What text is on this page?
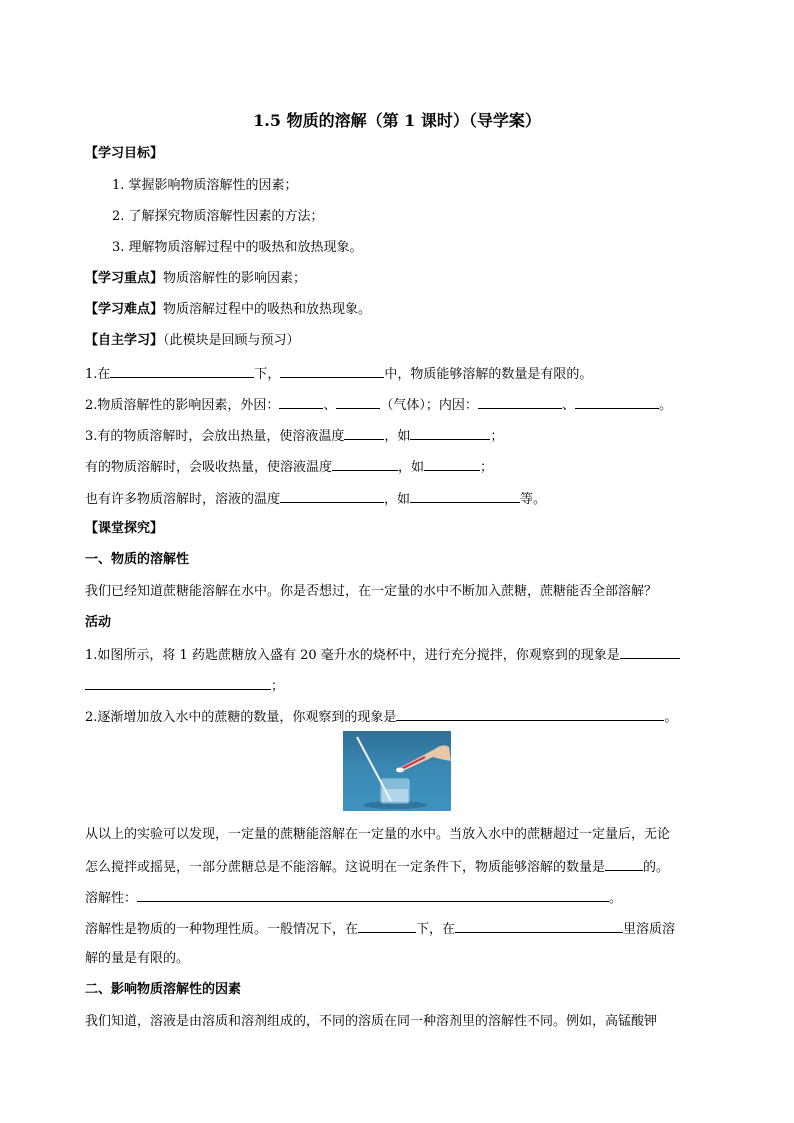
1.5 物质的溶解（第 1 课时）（导学案）
【学习目标】
1. 掌握影响物质溶解性的因素；
2. 了解探究物质溶解性因素的方法；
3. 理解物质溶解过程中的吸热和放热现象。
【学习重点】物质溶解性的影响因素；
【学习难点】物质溶解过程中的吸热和放热现象。
【自主学习】（此模块是回顾与预习）
1.在	下，	中，物质能够溶解的数量是有限的。
2.物质溶解性的影响因素，外因：	、	（气体）；内因：	、	。
3.有的物质溶解时，会放出热量，使溶液温度	，如	；
有的物质溶解时，会吸收热量，使溶液温度	，如	；
也有许多物质溶解时，溶液的温度	，如	等。
【课堂探究】
一、物质的溶解性
我们已经知道蔗糖能溶解在水中。你是否想过，在一定量的水中不断加入蔗糖，蔗糖能否全部溶解？
活动
1.如图所示，将 1 药匙蔗糖放入盛有 20 毫升水的烧杯中，进行充分搅拌，你观察到的现象是
；
2.逐渐增加放入水中的蔗糖的数量，你观察到的现象是	。
从以上的实验可以发现，一定量的蔗糖能溶解在一定量的水中。当放入水中的蔗糖超过一定量后，无论
怎么搅拌或摇晃，一部分蔗糖总是不能溶解。这说明在一定条件下，物质能够溶解的数量是	的。
溶解性：	。
溶解性是物质的一种物理性质。一般情况下，在	下，在	里溶质溶
解的量是有限的。
二、影响物质溶解性的因素
我们知道，溶液是由溶质和溶剂组成的，不同的溶质在同一种溶剂里的溶解性不同。例如，高锰酸钾
